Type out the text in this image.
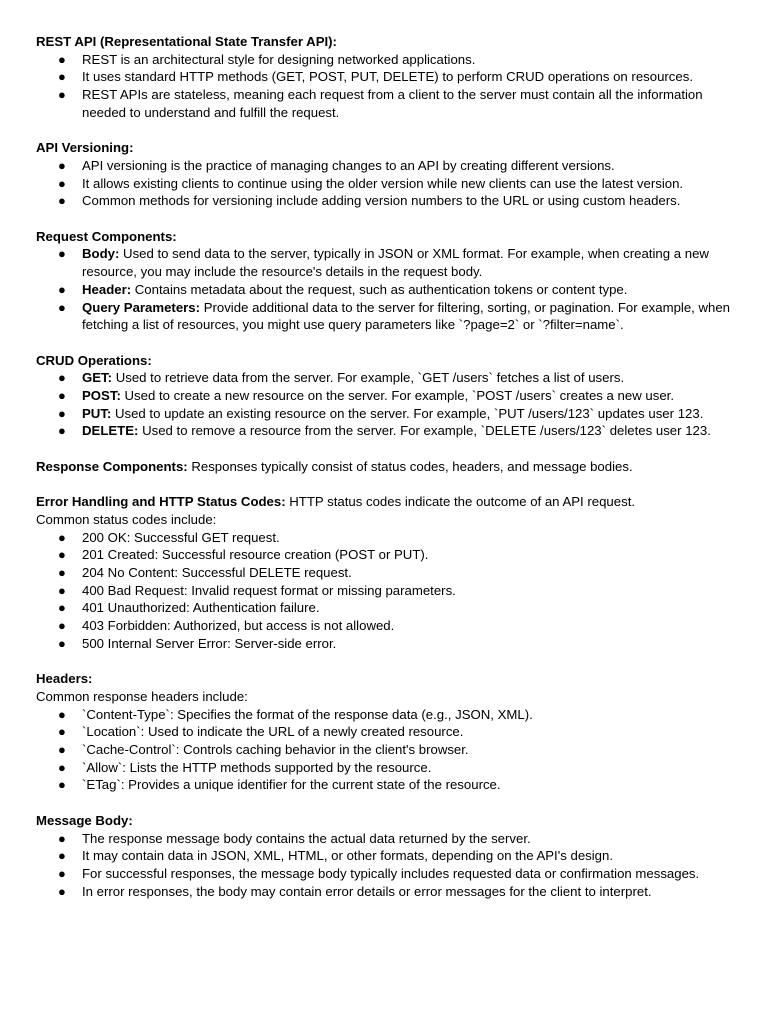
REST API (Representational State Transfer API):
● REST is an architectural style for designing networked applications.
● It uses standard HTTP methods (GET, POST, PUT, DELETE) to perform CRUD operations on resources.
● REST APIs are stateless, meaning each request from a client to the server must contain all the information needed to understand and fulfill the request.
API Versioning:
● API versioning is the practice of managing changes to an API by creating different versions.
● It allows existing clients to continue using the older version while new clients can use the latest version.
● Common methods for versioning include adding version numbers to the URL or using custom headers.
Request Components:
● Body: Used to send data to the server, typically in JSON or XML format. For example, when creating a new resource, you may include the resource's details in the request body.
● Header: Contains metadata about the request, such as authentication tokens or content type.
● Query Parameters: Provide additional data to the server for filtering, sorting, or pagination. For example, when fetching a list of resources, you might use query parameters like `?page=2` or `?filter=name`.
CRUD Operations:
● GET: Used to retrieve data from the server. For example, `GET /users` fetches a list of users.
● POST: Used to create a new resource on the server. For example, `POST /users` creates a new user.
● PUT: Used to update an existing resource on the server. For example, `PUT /users/123` updates user 123.
● DELETE: Used to remove a resource from the server. For example, `DELETE /users/123` deletes user 123.
Response Components: Responses typically consist of status codes, headers, and message bodies.
Error Handling and HTTP Status Codes: HTTP status codes indicate the outcome of an API request.
Common status codes include:
● 200 OK: Successful GET request.
● 201 Created: Successful resource creation (POST or PUT).
● 204 No Content: Successful DELETE request.
● 400 Bad Request: Invalid request format or missing parameters.
● 401 Unauthorized: Authentication failure.
● 403 Forbidden: Authorized, but access is not allowed.
● 500 Internal Server Error: Server-side error.
Headers:
Common response headers include:
● `Content-Type`: Specifies the format of the response data (e.g., JSON, XML).
● `Location`: Used to indicate the URL of a newly created resource.
● `Cache-Control`: Controls caching behavior in the client's browser.
● `Allow`: Lists the HTTP methods supported by the resource.
● `ETag`: Provides a unique identifier for the current state of the resource.
Message Body:
● The response message body contains the actual data returned by the server.
● It may contain data in JSON, XML, HTML, or other formats, depending on the API's design.
● For successful responses, the message body typically includes requested data or confirmation messages.
● In error responses, the body may contain error details or error messages for the client to interpret.
